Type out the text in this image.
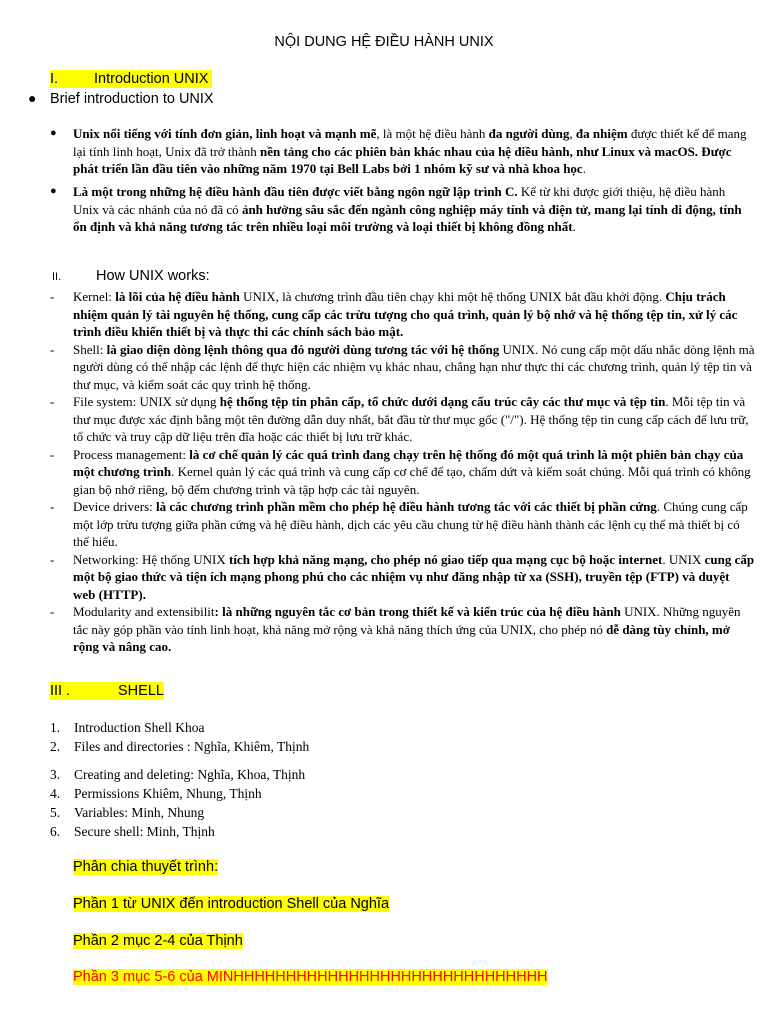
NỘI DUNG HỆ ĐIỀU HÀNH UNIX
I. Introduction UNIX
● Brief introduction to UNIX
● Unix nổi tiếng với tính đơn giản, linh hoạt và mạnh mẽ, là một hệ điều hành đa người dùng, đa nhiệm được thiết kế để mang lại tính linh hoạt, Unix đã trở thành nền tảng cho các phiên bản khác nhau của hệ điều hành, như Linux và macOS. Được phát triển lần đầu tiên vào những năm 1970 tại Bell Labs bởi 1 nhóm kỹ sư và nhà khoa học.
● Là một trong những hệ điều hành đầu tiên được viết bằng ngôn ngữ lập trình C. Kể từ khi được giới thiệu, hệ điều hành Unix và các nhánh của nó đã có ảnh hưởng sâu sắc đến ngành công nghiệp máy tính và điện tử, mang lại tính di động, tính ổn định và khả năng tương tác trên nhiều loại môi trường và loại thiết bị không đồng nhất.
II. How UNIX works:
- Kernel: là lõi của hệ điều hành UNIX, là chương trình đầu tiên chạy khi một hệ thống UNIX bắt đầu khởi động. Chịu trách nhiệm quản lý tài nguyên hệ thống, cung cấp các trừu tượng cho quá trình, quản lý bộ nhớ và hệ thống tệp tin, xử lý các trình điều khiển thiết bị và thực thi các chính sách bảo mật.
- Shell: là giao diện dòng lệnh thông qua đó người dùng tương tác với hệ thống UNIX. Nó cung cấp một dấu nhắc dòng lệnh mà người dùng có thể nhập các lệnh để thực hiện các nhiệm vụ khác nhau, chẳng hạn như thực thi các chương trình, quản lý tệp tin và thư mục, và kiểm soát các quy trình hệ thống.
- File system: UNIX sử dụng hệ thống tệp tin phân cấp, tổ chức dưới dạng cấu trúc cây các thư mục và tệp tin. Mỗi tệp tin và thư mục được xác định bằng một tên đường dẫn duy nhất, bắt đầu từ thư mục gốc ("/"). Hệ thống tệp tin cung cấp cách để lưu trữ, tổ chức và truy cập dữ liệu trên đĩa hoặc các thiết bị lưu trữ khác.
- Process management: là cơ chế quản lý các quá trình đang chạy trên hệ thống đó một quá trình là một phiên bản chạy của một chương trình. Kernel quản lý các quá trình và cung cấp cơ chế để tạo, chấm dứt và kiểm soát chúng. Mỗi quá trình có không gian bộ nhớ riêng, bộ đếm chương trình và tập hợp các tài nguyên.
- Device drivers: là các chương trình phần mềm cho phép hệ điều hành tương tác với các thiết bị phần cứng. Chúng cung cấp một lớp trừu tượng giữa phần cứng và hệ điều hành, dịch các yêu cầu chung từ hệ điều hành thành các lệnh cụ thể mà thiết bị có thể hiểu.
- Networking: Hệ thống UNIX tích hợp khả năng mạng, cho phép nó giao tiếp qua mạng cục bộ hoặc internet. UNIX cung cấp một bộ giao thức và tiện ích mạng phong phú cho các nhiệm vụ như đăng nhập từ xa (SSH), truyền tệp (FTP) và duyệt web (HTTP).
- Modularity and extensibilit: là những nguyên tắc cơ bản trong thiết kế và kiến trúc của hệ điều hành UNIX. Những nguyên tắc này góp phần vào tính linh hoạt, khả năng mở rộng và khả năng thích ứng của UNIX, cho phép nó dễ dàng tùy chỉnh, mở rộng và nâng cao.
III .	SHELL
1. Introduction Shell Khoa
2. Files and directories : Nghĩa, Khiêm, Thịnh
3. Creating and deleting: Nghĩa, Khoa, Thịnh
4. Permissions Khiêm, Nhung, Thịnh
5. Variables: Minh, Nhung
6. Secure shell: Minh, Thịnh
Phân chia thuyết trình:
Phần 1 từ UNIX đến introduction Shell của Nghĩa
Phần 2 mục 2-4 của Thịnh
Phần 3 mục 5-6 của MINHHHHHHHHHHHHHHHHHHHHHHHHHHHHHH
